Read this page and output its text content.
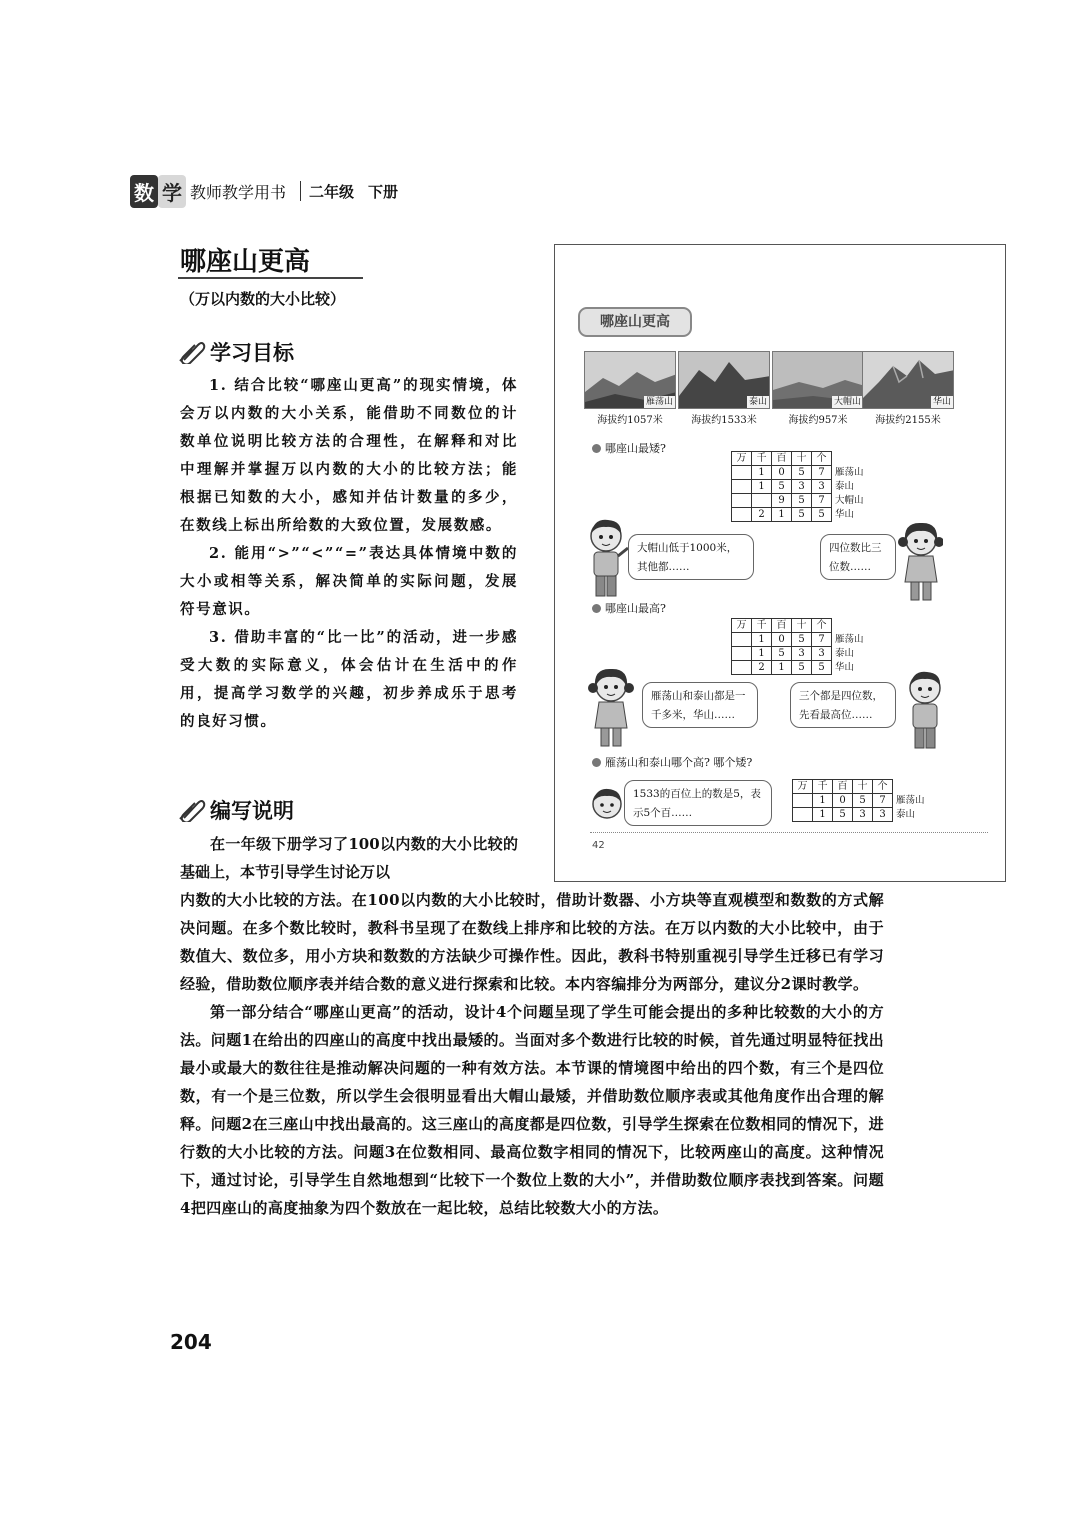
数 学 教师教学用书 二年级 下册
哪座山更高
（万以内数的大小比较）
学习目标

1. 结合比较“哪座山更高”的现实情境，体会万以内数的大小关系，能借助不同数位的计数单位说明比较方法的合理性，在解释和对比中理解并掌握万以内数的大小的比较方法；能根据已知数的大小，感知并估计数量的多少，在数线上标出所给数的大致位置，发展数感。

2. 能用“>”“<”“=”表达具体情境中数的大小或相等关系，解决简单的实际问题，发展符号意识。

3. 借助丰富的“比一比”的活动，进一步感受大数的实际意义，体会估计在生活中的作用，提高学习数学的兴趣，初步养成乐于思考的良好习惯。

编写说明
在一年级下册学习了100以内数的大小比较的基础上，本节引导学生讨论万以

内数的大小比较的方法。在100以内数的大小比较时，借助计数器、小方块等直观模型和数数的方式解决问题。在多个数比较时，教科书呈现了在数线上排序和比较的方法。在万以内数的大小比较中，由于数值大、数位多，用小方块和数数的方法缺少可操作性。因此，教科书特别重视引导学生迁移已有学习经验，借助数位顺序表并结合数的意义进行探索和比较。本内容编排分为两部分，建议分2课时教学。

第一部分结合“哪座山更高”的活动，设计4个问题呈现了学生可能会提出的多种比较数的大小的方法。问题1在给出的四座山的高度中找出最矮的。当面对多个数进行比较的时候，首先通过明显特征找出最小或最大的数往往是推动解决问题的一种有效方法。本节课的情境图中给出的四个数，有三个是四位数，有一个是三位数，所以学生会很明显看出大帽山最矮，并借助数位顺序表或其他角度作出合理的解释。问题2在三座山中找出最高的。这三座山的高度都是四位数，引导学生探索在位数相同的情况下，进行数的大小比较的方法。问题3在位数相同、最高位数字相同的情况下，比较两座山的高度。这种情况下，通过讨论，引导学生自然地想到“比较下一个数位上数的大小”，并借助数位顺序表找到答案。问题4把四座山的高度抽象为四个数放在一起比较，总结比较数大小的方法。

204
哪座山更高
雁荡山	泰山	大帽山	华山
海拔约1057米	海拔约1533米	海拔约957米	海拔约2155米
哪座山最矮?
万	千	百	十	个	
	1	0	5	7	雁荡山
	1	5	3	3	泰山
		9	5	7	大帽山
	2	1	5	5	华山
大帽山低于1000米，其他都……
四位数比三位数……
哪座山最高?
万	千	百	十	个	
	1	0	5	7	雁荡山
	1	5	3	3	泰山
	2	1	5	5	华山
雁荡山和泰山都是一千多米，华山……
三个都是四位数，先看最高位……
雁荡山和泰山哪个高? 哪个矮?
1533的百位上的数是5，表示5个百……
万	千	百	十	个	
	1	0	5	7	雁荡山
	1	5	3	3	泰山
42
